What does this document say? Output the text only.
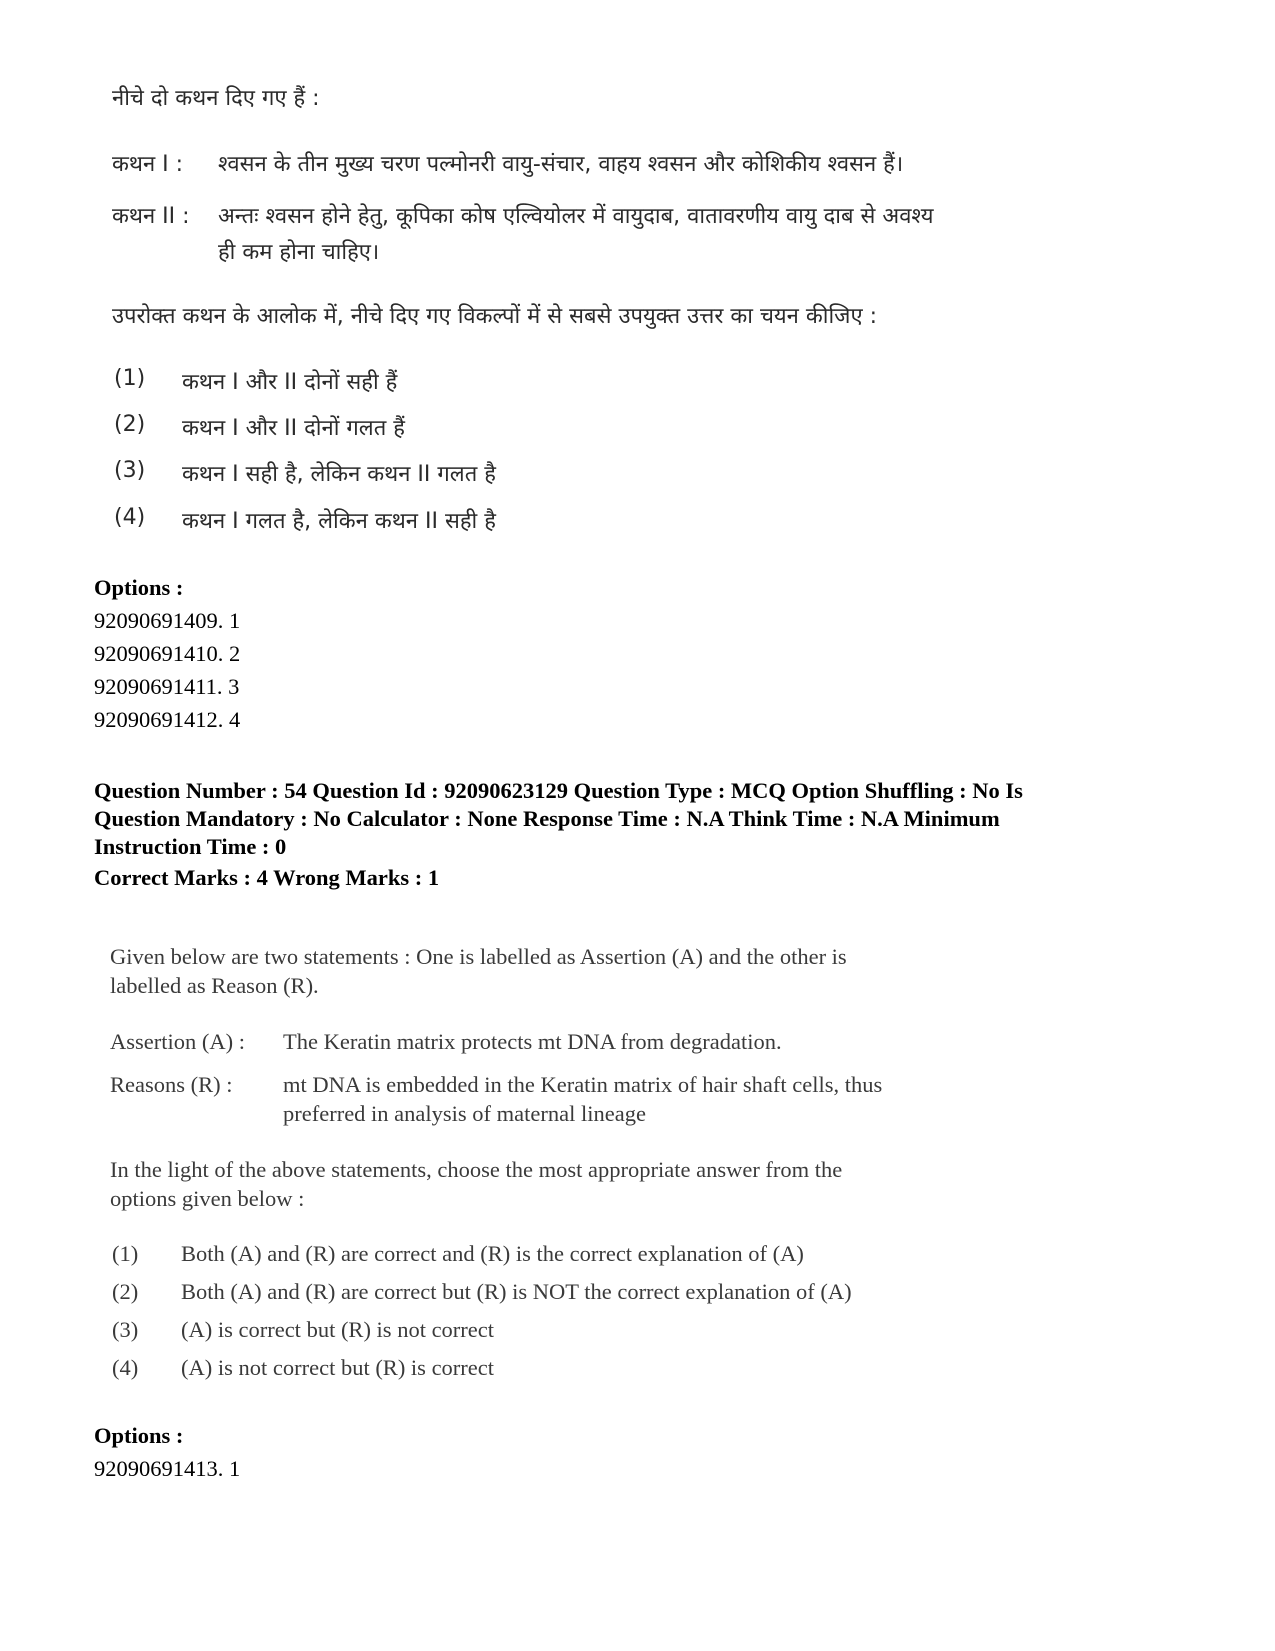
नीचे दो कथन दिए गए हैं :
कथन I : श्वसन के तीन मुख्य चरण पल्मोनरी वायु-संचार, वाहय श्वसन और कोशिकीय श्वसन हैं।
कथन II : अन्तः श्वसन होने हेतु, कूपिका कोष एल्वियोलर में वायुदाब, वातावरणीय वायु दाब से अवश्य
ही कम होना चाहिए।
उपरोक्त कथन के आलोक में, नीचे दिए गए विकल्पों में से सबसे उपयुक्त उत्तर का चयन कीजिए :
(1) कथन I और II दोनों सही हैं
(2) कथन I और II दोनों गलत हैं
(3) कथन I सही है, लेकिन कथन II गलत है
(4) कथन I गलत है, लेकिन कथन II सही है
Options :
92090691409. 1
92090691410. 2
92090691411. 3
92090691412. 4
Question Number : 54 Question Id : 92090623129 Question Type : MCQ Option Shuffling : No Is
Question Mandatory : No Calculator : None Response Time : N.A Think Time : N.A Minimum
Instruction Time : 0
Correct Marks : 4 Wrong Marks : 1
Given below are two statements : One is labelled as Assertion (A) and the other is
labelled as Reason (R).
Assertion (A) : The Keratin matrix protects mt DNA from degradation.
Reasons (R) : mt DNA is embedded in the Keratin matrix of hair shaft cells, thus
preferred in analysis of maternal lineage
In the light of the above statements, choose the most appropriate answer from the
options given below :
(1) Both (A) and (R) are correct and (R) is the correct explanation of (A)
(2) Both (A) and (R) are correct but (R) is NOT the correct explanation of (A)
(3) (A) is correct but (R) is not correct
(4) (A) is not correct but (R) is correct
Options :
92090691413. 1
